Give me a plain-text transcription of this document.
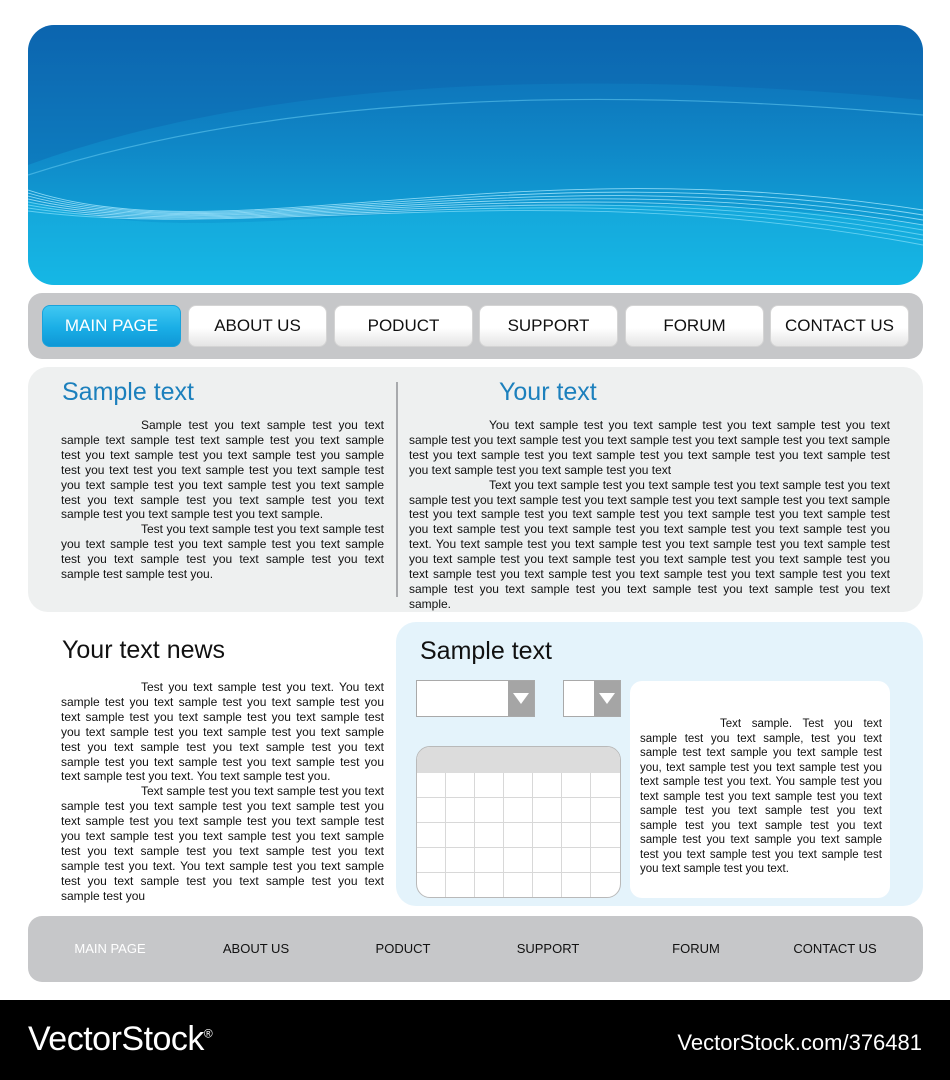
MAIN PAGE	ABOUT US	PODUCT	SUPPORT	FORUM	CONTACT US
Sample text

Sample test you text sample test you text sample text sample test text sample test you text sample test you text sample test you text sample test you sample test you text test you text sample test you text sample test you text sample test you text sample test you text sample test you text sample test you text sample test you text sample test you text sample test you text sample.

Test you text sample test you text sample test you text sample test you text sample test you text sample test you text sample test you text sample test you text sample test sample test you.

Your text

You text sample test you text sample test you text sample test you text sample test you text sample test you text sample test you text sample test you text sample test you text sample test you text sample test you text sample test you text sample test you text sample test you text sample test you text

Text you text sample test you text sample test you text sample test you text sample test you text sample test you text sample test you text sample test you text sample test you text sample test you text sample test you text sample test you text sample test you text sample test you text sample test you text sample test you text sample test you text. You text sample test you text sample test you text sample test you text sample test you text sample test you text sample test you text sample test you text sample test you text sample test you text sample test you text sample test you text sample test you text sample test you text sample test you text sample test you text sample test you text sample.

Your text news

Test you text sample test you text. You text sample test you text sample test you text sample test you text sample test you text sample test you text sample test you text sample test you text sample test you text sample test you text sample test you text sample test you text sample test you text sample test you text sample test you text sample test you text. You text sample test you.

Text sample test you text sample test you text sample test you text sample test you text sample test you text sample test you text sample test you text sample test you text sample test you text sample test you text sample test you text sample test you text sample test you text sample test you text. You text sample test you text sample test you text sample test you text sample test you text sample test you

Sample text

Text sample. Test you text sample test you text sample, test you text sample test text sample you text sample test you, text sample test you text sample test you text sample test you text. You sample test you text sample test you text sample test you text sample test you text sample test you text sample test you text sample test you text sample test you text sample you text sample test you text sample test you text sample test you text sample test you text.

MAIN PAGE	ABOUT US	PODUCT	SUPPORT	FORUM	CONTACT US
VectorStock®	VectorStock.com/376481
